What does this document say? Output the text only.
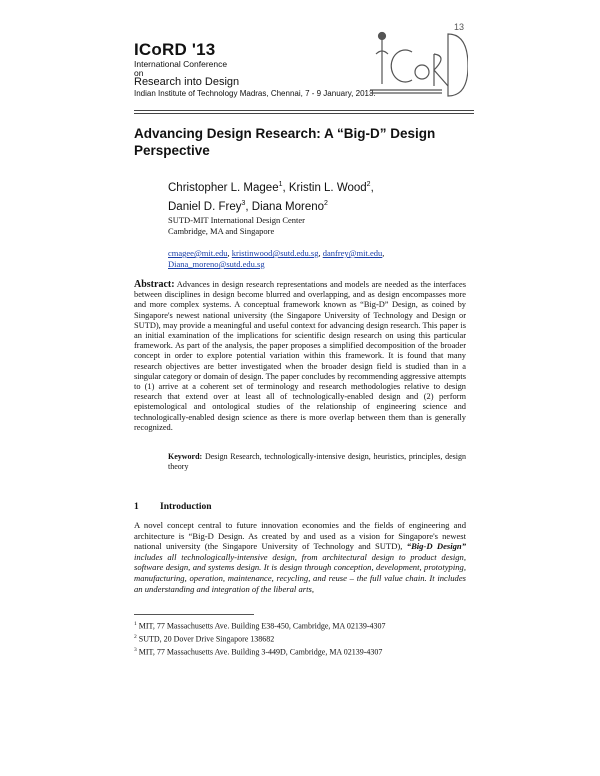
ICoRD '13
International Conference
on
Research into Design
Indian Institute of Technology Madras, Chennai, 7 - 9 January, 2013.
13
Advancing Design Research: A “Big-D” Design
Perspective
Christopher L. Magee$^1$, Kristin L. Wood$^2$,
Daniel D. Frey$^3$, Diana Moreno$^2$
SUTD-MIT International Design Center
Cambridge, MA and Singapore
cmagee@mit.edu, kristinwood@sutd.edu.sg, danfrey@mit.edu,
Diana_moreno@sutd.edu.sg
Abstract: Advances in design research representations and models are needed as the interfaces between disciplines in design become blurred and overlapping, and as design encompasses more and more complex systems. A conceptual framework known as “Big-D” Design, as coined by Singapore's newest national university (the Singapore University of Technology and Design or SUTD), may provide a meaningful and useful context for advancing design research. This paper is an initial examination of the implications for scientific design research on using this particular framework. As part of the analysis, the paper proposes a simplified decomposition of the broader concept in order to explore potential variation within this framework. It is found that many research objectives are better investigated when the broader design field is studied than in a singular category or domain of design. The paper concludes by recommending aggressive attempts to (1) arrive at a coherent set of terminology and research methodologies relative to design research that extend over at least all of technologically-enabled design and (2) perform epistemological and ontological studies of the relationship of engineering science and technologically-enabled design science as there is more overlap between them than is generally recognized.
Keyword: Design Research, technologically-intensive design, heuristics, principles, design theory
1 Introduction
A novel concept central to future innovation economies and the fields of engineering and architecture is “Big-D Design. As created by and used as a vision for Singapore's newest national university (the Singapore University of Technology and SUTD), “Big-D Design” includes all technologically-intensive design, from architectural design to product design, software design, and systems design. It is design through conception, development, prototyping, manufacturing, operation, maintenance, recycling, and reuse – the full value chain. It includes an understanding and integration of the liberal arts,
$^1$ MIT, 77 Massachusetts Ave. Building E38-450, Cambridge, MA 02139-4307
$^2$ SUTD, 20 Dover Drive Singapore 138682
$^3$ MIT, 77 Massachusetts Ave. Building 3-449D, Cambridge, MA 02139-4307
